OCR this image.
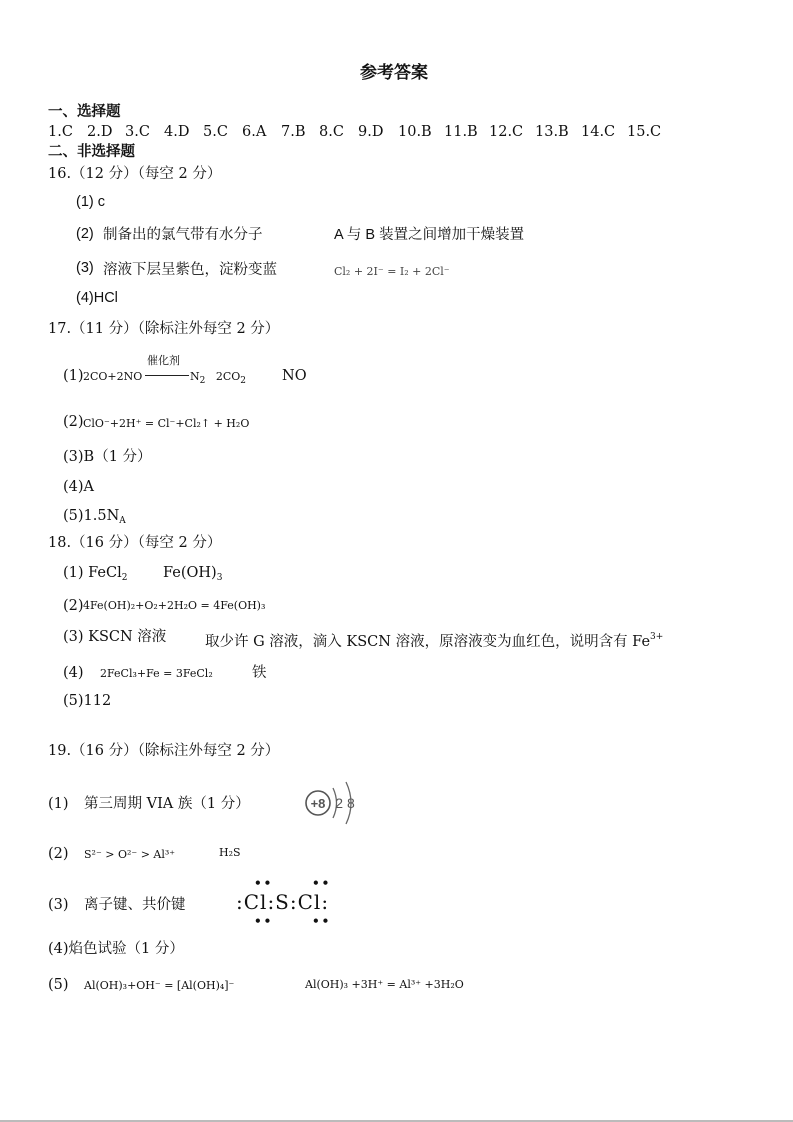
参考答案
一、选择题
1.C 2.D 3.C 4.D 5.C 6.A 7.B 8.C 9.D 10.B 11.B 12.C 13.B 14.C 15.C
二、非选择题
16.（12 分）（每空 2 分）
(1) c
(2) 制备出的氯气带有水分子	A 与 B 装置之间增加干燥装置
(3) 溶液下层呈紫色，淀粉变蓝	Cl₂ + 2I⁻ = I₂ + 2Cl⁻
(4)HCl
17.（11 分）（除标注外每空 2 分）
(1) 2CO+2NO
催化剂
$N_2$ $2CO_2$ NO
(2) ClO⁻+2H⁺ = Cl⁻+Cl₂↑ + H₂O
(3)B（1 分）
(4)A
$(5)1.5N_A$
18.（16 分）（每空 2 分）
(1) FeCl$_2$ $Fe(OH)_3$
(2) 4Fe(OH)₂+O₂+2H₂O = 4Fe(OH)₃
(3) KSCN 溶液	取少许 G 溶液，滴入 KSCN 溶液，原溶液变为血红色，说明含有 $Fe^{3+}$
(4) 2FeCl₃+Fe = 3FeCl₂	铁
(5)112
19.（16 分）（除标注外每空 2 分）
(1) 第三周期 VIA 族（1 分）	+8 2 8
(2) S²⁻ > O²⁻ > Al³⁺	H₂S
(3) 离子键、共价键	:Cl:S:Cl:
••
••
••
••
(4)焰色试验（1 分）
(5) Al(OH)₃+OH⁻ = [Al(OH)₄]⁻	Al(OH)₃ +3H⁺ = Al³⁺ +3H₂O
